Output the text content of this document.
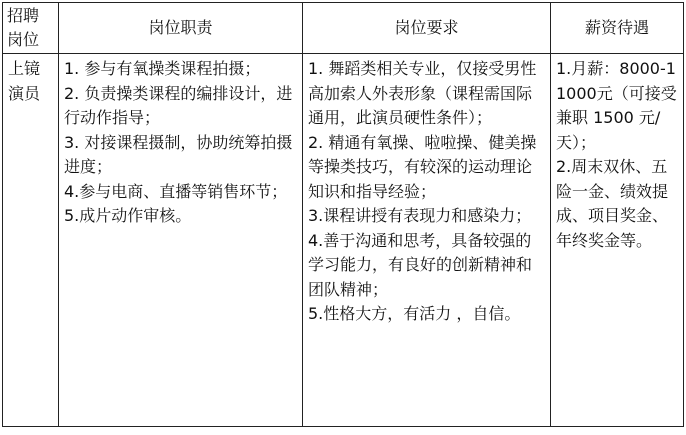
招聘岗位	岗位职责	岗位要求	薪资待遇
上镜演员	1. 参与有氧操类课程拍摄；
2. 负责操类课程的编排设计，进行动作指导；
3. 对接课程摄制，协助统筹拍摄进度；
4.参与电商、直播等销售环节；
5.成片动作审核。	1. 舞蹈类相关专业，仅接受男性高加索人外表形象（课程需国际通用，此演员硬性条件）；
2. 精通有氧操、啦啦操、健美操等操类技巧，有较深的运动理论知识和指导经验；
3.课程讲授有表现力和感染力；
4.善于沟通和思考，具备较强的学习能力，有良好的创新精神和团队精神；
5.性格大方，有活力 ，自信。	1.月薪：8000-11000元（可接受兼职 1500 元/天）；
2.周末双休、五险一金、绩效提成、项目奖金、年终奖金等。
